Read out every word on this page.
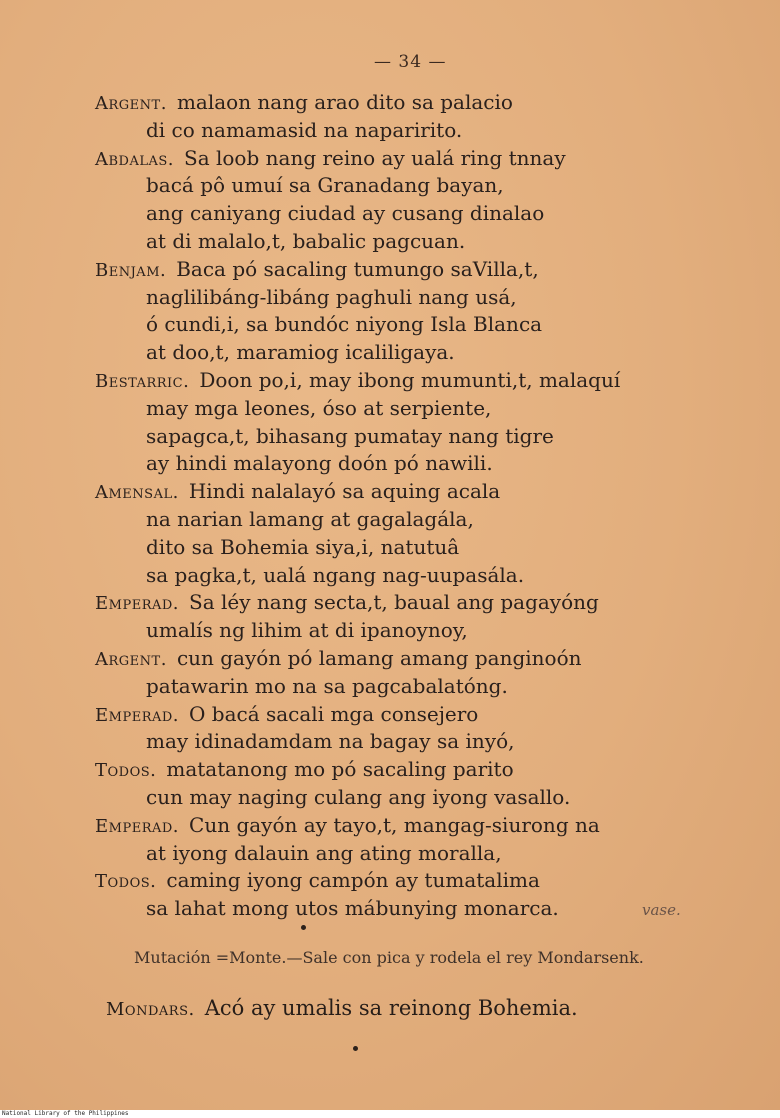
— 34 —
Argent. malaon nang arao dito sa palacio
di co namamasid na naparirito.
Abdalas. Sa loob nang reino ay ualá ring tnnay
bacá pô umuí sa Granadang bayan,
ang caniyang ciudad ay cusang dinalao
at di malalo,t, babalic pagcuan.
Benjam. Baca pó sacaling tumungo saVilla,t,
naglilibáng-libáng paghuli nang usá,
ó cundi,i, sa bundóc niyong Isla Blanca
at doo,t, maramiog icaliligaya.
Bestarric. Doon po,i, may ibong mumunti,t, malaquí
may mga leones, óso at serpiente,
sapagca,t, bihasang pumatay nang tigre
ay hindi malayong doón pó nawili.
Amensal. Hindi nalalayó sa aquing acala
na narian lamang at gagalagála,
dito sa Bohemia siya,i, natutuâ
sa pagka,t, ualá ngang nag-uupasála.
Emperad. Sa léy nang secta,t, baual ang pagayóng
umalís ng lihim at di ipanoynoy,
Argent. cun gayón pó lamang amang panginoón
patawarin mo na sa pagcabalatóng.
Emperad. O bacá sacali mga consejero
may idinadamdam na bagay sa inyó,
Todos. matatanong mo pó sacaling parito
cun may naging culang ang iyong vasallo.
Emperad. Cun gayón ay tayo,t, mangag-siurong na
at iyong dalauin ang ating moralla,
Todos. caming iyong campón ay tumatalima
sa lahat mong utos mábunying monarca.	vase.
Mutación =Monte.—Sale con pica y rodela el rey Mondarsenk.
Mondars. Acó ay umalis sa reinong Bohemia.
National Library of the Philippines
